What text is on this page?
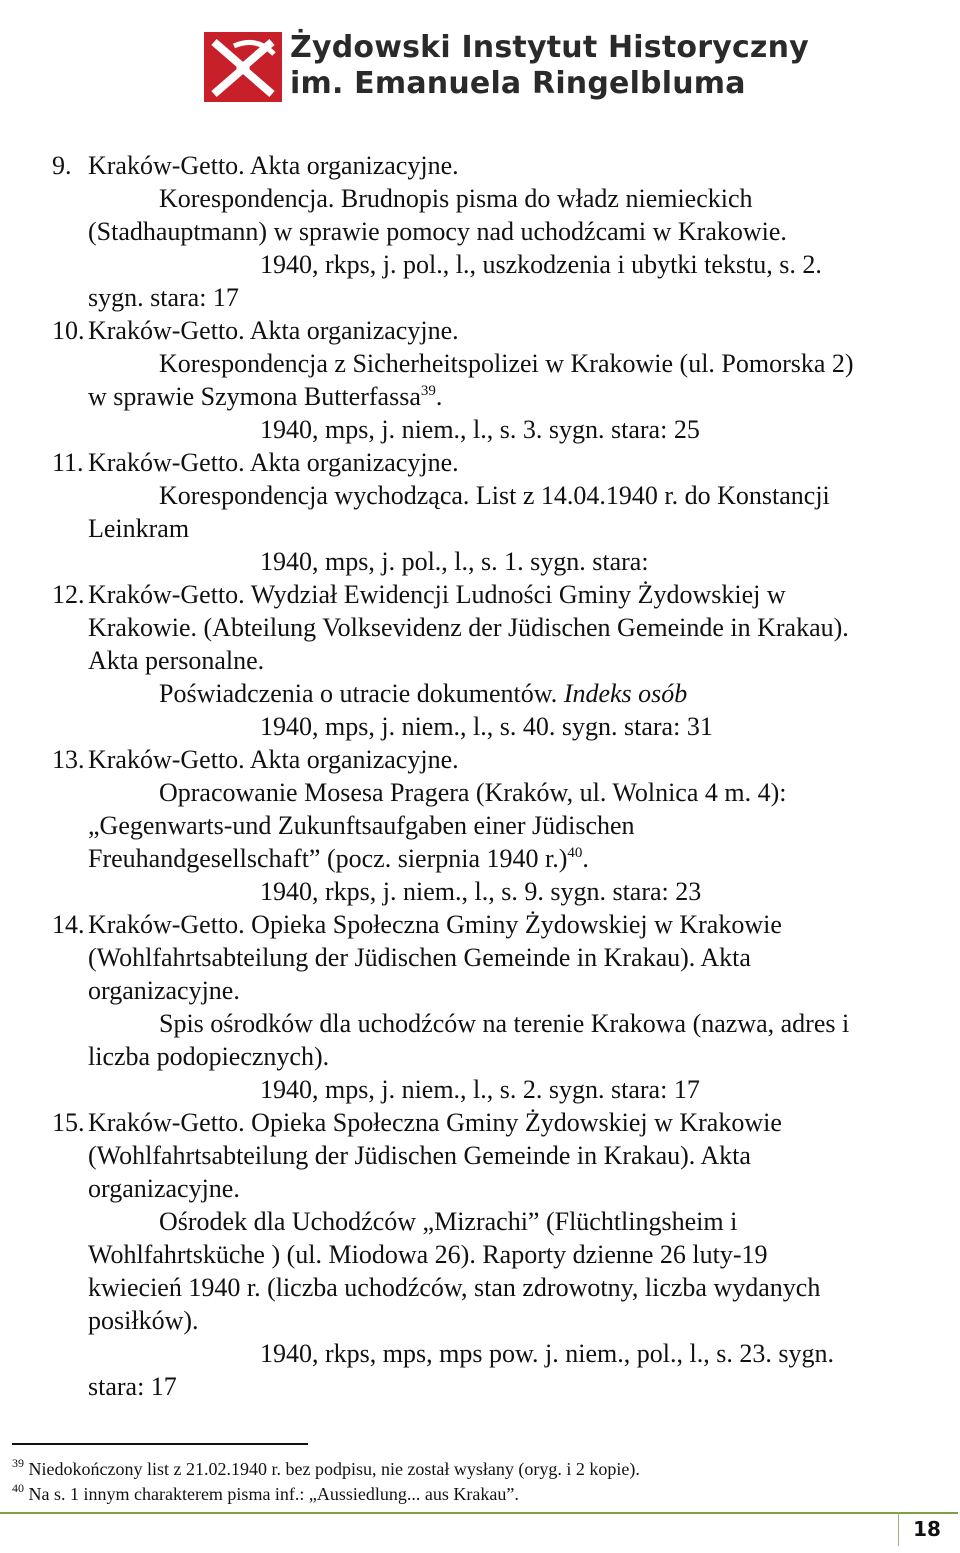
Żydowski Instytut Historyczny
im. Emanuela Ringelbluma
9. Kraków-Getto. Akta organizacyjne.
Korespondencja. Brudnopis pisma do władz niemieckich
(Stadhauptmann) w sprawie pomocy nad uchodźcami w Krakowie.
1940, rkps, j. pol., l., uszkodzenia i ubytki tekstu, s. 2.
sygn. stara: 17
10. Kraków-Getto. Akta organizacyjne.
Korespondencja z Sicherheitspolizei w Krakowie (ul. Pomorska 2)
w sprawie Szymona Butterfassa$^{39}$.
1940, mps, j. niem., l., s. 3. sygn. stara: 25
11. Kraków-Getto. Akta organizacyjne.
Korespondencja wychodząca. List z 14.04.1940 r. do Konstancji
Leinkram
1940, mps, j. pol., l., s. 1. sygn. stara:
12. Kraków-Getto. Wydział Ewidencji Ludności Gminy Żydowskiej w
Krakowie. (Abteilung Volksevidenz der Jüdischen Gemeinde in Krakau).
Akta personalne.
Poświadczenia o utracie dokumentów. Indeks osób
1940, mps, j. niem., l., s. 40. sygn. stara: 31
13. Kraków-Getto. Akta organizacyjne.
Opracowanie Mosesa Pragera (Kraków, ul. Wolnica 4 m. 4):
„Gegenwarts-und Zukunftsaufgaben einer Jüdischen
Freuhandgesellschaft” (pocz. sierpnia 1940 r.)$^{40}$.
1940, rkps, j. niem., l., s. 9. sygn. stara: 23
14. Kraków-Getto. Opieka Społeczna Gminy Żydowskiej w Krakowie
(Wohlfahrtsabteilung der Jüdischen Gemeinde in Krakau). Akta
organizacyjne.
Spis ośrodków dla uchodźców na terenie Krakowa (nazwa, adres i
liczba podopiecznych).
1940, mps, j. niem., l., s. 2. sygn. stara: 17
15. Kraków-Getto. Opieka Społeczna Gminy Żydowskiej w Krakowie
(Wohlfahrtsabteilung der Jüdischen Gemeinde in Krakau). Akta
organizacyjne.
Ośrodek dla Uchodźców „Mizrachi” (Flüchtlingsheim i
Wohlfahrtsküche ) (ul. Miodowa 26). Raporty dzienne 26 luty-19
kwiecień 1940 r. (liczba uchodźców, stan zdrowotny, liczba wydanych
posiłków).
1940, rkps, mps, mps pow. j. niem., pol., l., s. 23. sygn.
stara: 17
$^{39}$ Niedokończony list z 21.02.1940 r. bez podpisu, nie został wysłany (oryg. i 2 kopie).
$^{40}$ Na s. 1 innym charakterem pisma inf.: „Aussiedlung... aus Krakau”.
18
